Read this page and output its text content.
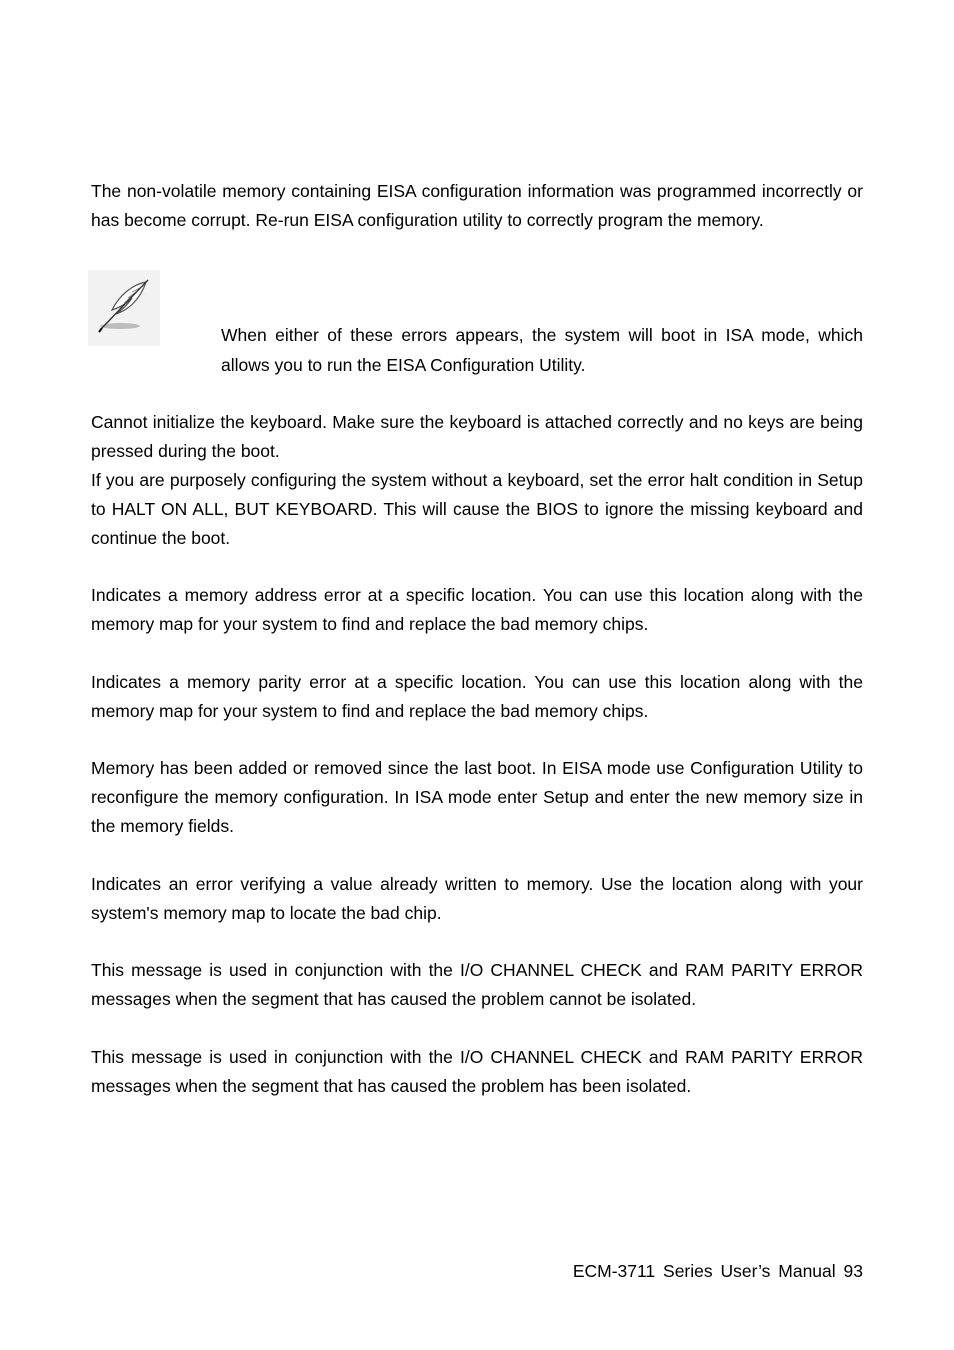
The non-volatile memory containing EISA configuration information was programmed incorrectly or has become corrupt. Re-run EISA configuration utility to correctly program the memory.

When either of these errors appears, the system will boot in ISA mode, which allows you to run the EISA Configuration Utility.

Cannot initialize the keyboard. Make sure the keyboard is attached correctly and no keys are being pressed during the boot.
If you are purposely configuring the system without a keyboard, set the error halt condition in Setup to HALT ON ALL, BUT KEYBOARD. This will cause the BIOS to ignore the missing keyboard and continue the boot.

Indicates a memory address error at a specific location. You can use this location along with the memory map for your system to find and replace the bad memory chips.

Indicates a memory parity error at a specific location. You can use this location along with the memory map for your system to find and replace the bad memory chips.

Memory has been added or removed since the last boot. In EISA mode use Configuration Utility to reconfigure the memory configuration. In ISA mode enter Setup and enter the new memory size in the memory fields.

Indicates an error verifying a value already written to memory. Use the location along with your system's memory map to locate the bad chip.

This message is used in conjunction with the I/O CHANNEL CHECK and RAM PARITY ERROR messages when the segment that has caused the problem cannot be isolated.

This message is used in conjunction with the I/O CHANNEL CHECK and RAM PARITY ERROR messages when the segment that has caused the problem has been isolated.

ECM-3711 Series User’s Manual 93
